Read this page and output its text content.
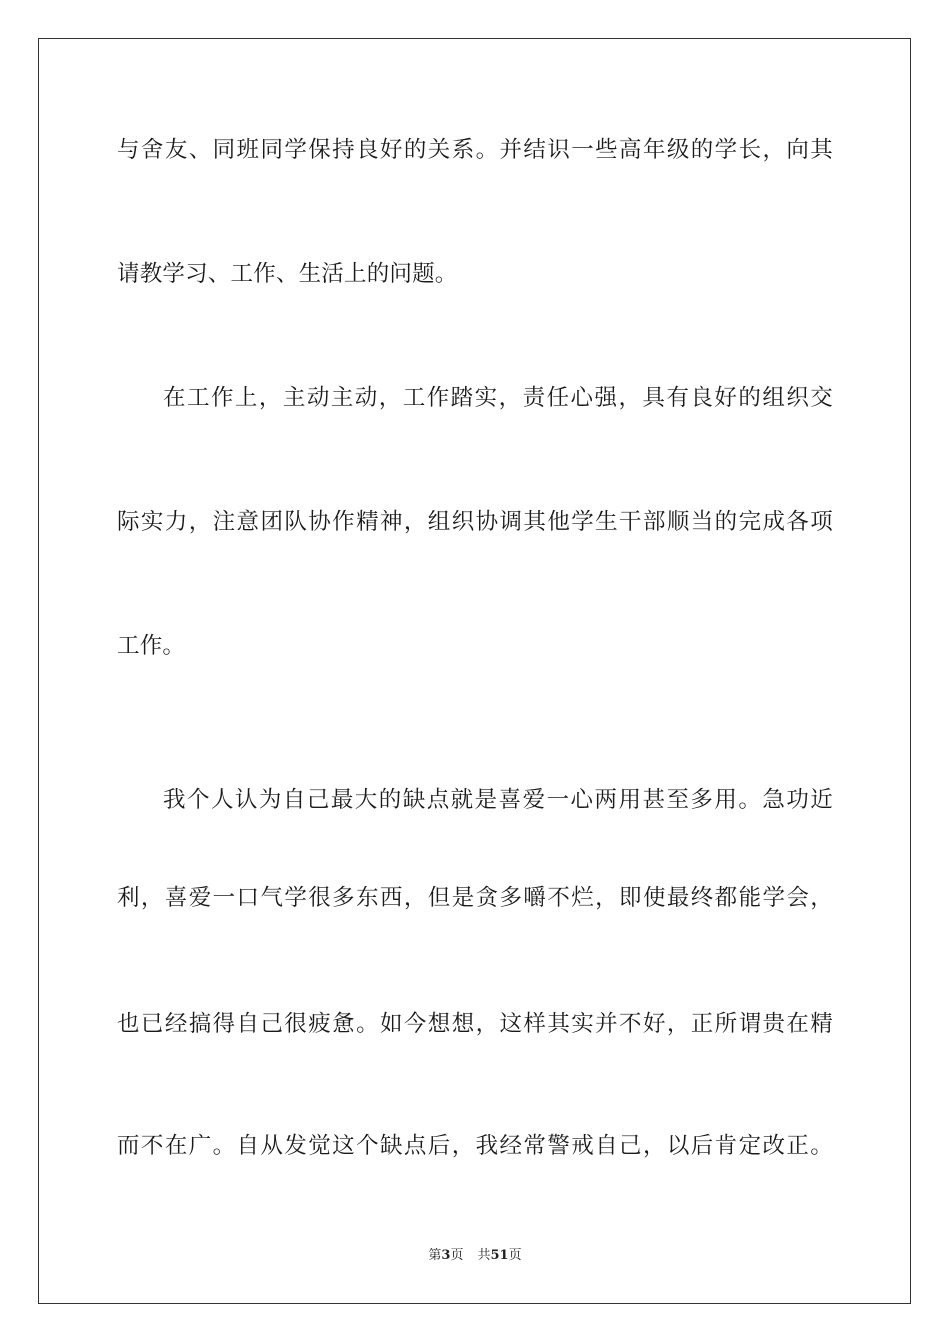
与舍友、同班同学保持良好的关系。并结识一些高年级的学长，向其
请教学习、工作、生活上的问题。
在工作上，主动主动，工作踏实，责任心强，具有良好的组织交
际实力，注意团队协作精神，组织协调其他学生干部顺当的完成各项
工作。
我个人认为自己最大的缺点就是喜爱一心两用甚至多用。急功近
利，喜爱一口气学很多东西，但是贪多嚼不烂，即使最终都能学会，
也已经搞得自己很疲惫。如今想想，这样其实并不好，正所谓贵在精
而不在广。自从发觉这个缺点后，我经常警戒自己，以后肯定改正。
第3页 共51页
